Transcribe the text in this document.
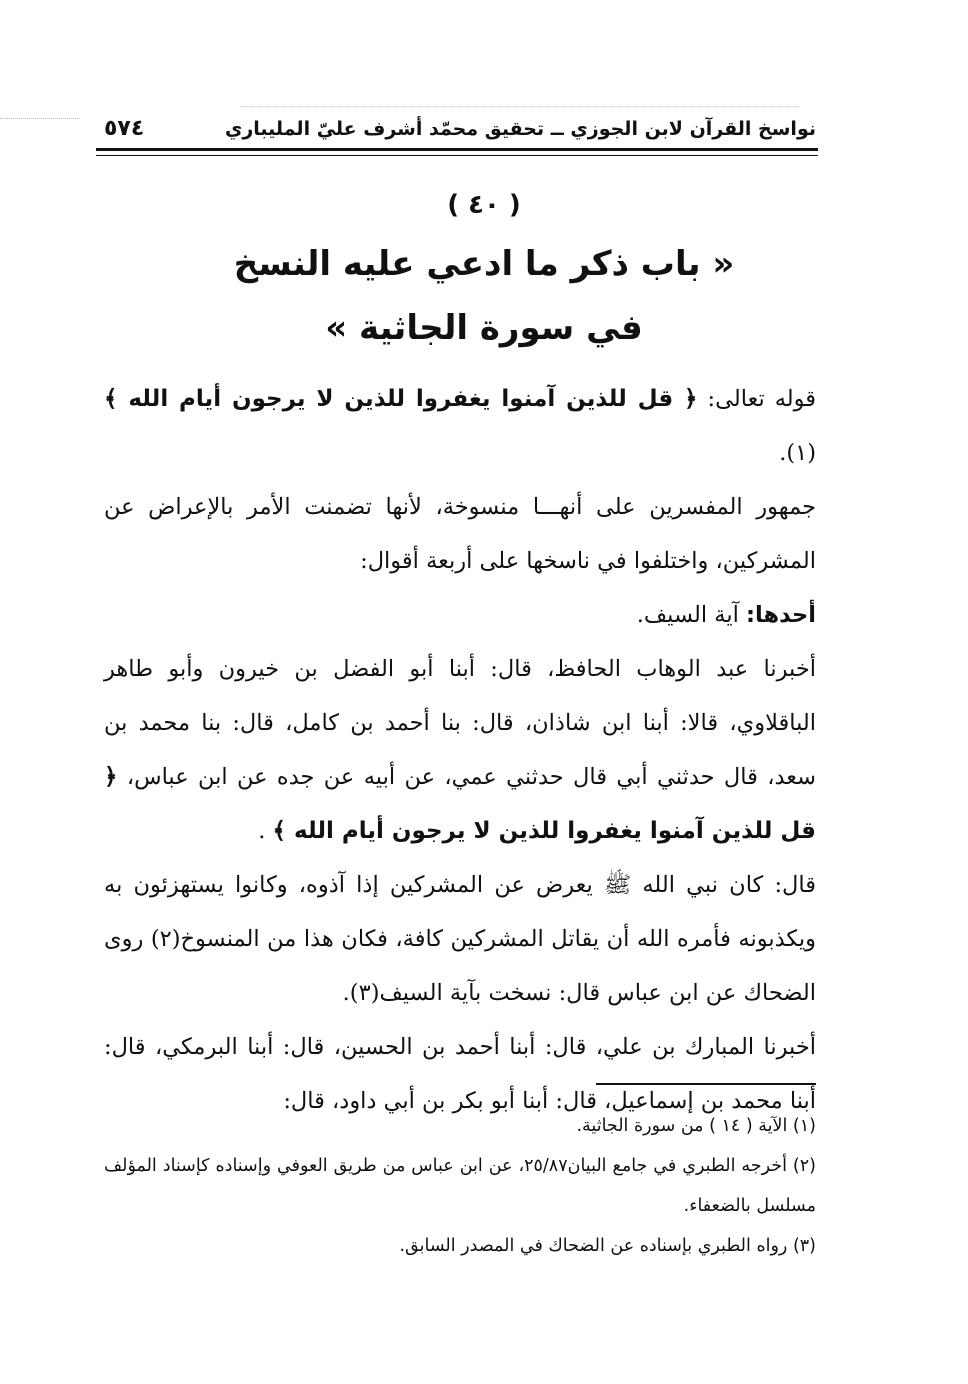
نواسخ القرآن لابن الجوزي ــ تحقيق محمّد أشرف عليّ المليباري
٥٧٤
( ٤٠ )
« باب ذكر ما ادعي عليه النسخ
في سورة الجاثية »

قوله تعالى: ﴿ قل للذين آمنوا يغفروا للذين لا يرجون أيام الله ﴾ (١).

جمهور المفسرين على أنهـــا منسوخة، لأنها تضمنت الأمر بالإعراض عن المشركين، واختلفوا في ناسخها على أربعة أقوال:

أحدها: آية السيف.

أخبرنا عبد الوهاب الحافظ، قال: أبنا أبو الفضل بن خيرون وأبو طاهر الباقلاوي، قالا: أبنا ابن شاذان، قال: بنا أحمد بن كامل، قال: بنا محمد بن سعد، قال حدثني أبي قال حدثني عمي، عن أبيه عن جده عن ابن عباس، ﴿ قل للذين آمنوا يغفروا للذين لا يرجون أيام الله ﴾ .

قال: كان نبي الله ﷺ يعرض عن المشركين إذا آذوه، وكانوا يستهزئون به ويكذبونه فأمره الله أن يقاتل المشركين كافة، فكان هذا من المنسوخ(٢) روى الضحاك عن ابن عباس قال: نسخت بآية السيف(٣).

أخبرنا المبارك بن علي، قال: أبنا أحمد بن الحسين، قال: أبنا البرمكي، قال: أبنا محمد بن إسماعيل، قال: أبنا أبو بكر بن أبي داود، قال:

(١) الآية ( ١٤ ) من سورة الجاثية.

(٢) أخرجه الطبري في جامع البيان٢٥/٨٧، عن ابن عباس من طريق العوفي وإسناده كإسناد المؤلف مسلسل بالضعفاء.

(٣) رواه الطبري بإسناده عن الضحاك في المصدر السابق.
